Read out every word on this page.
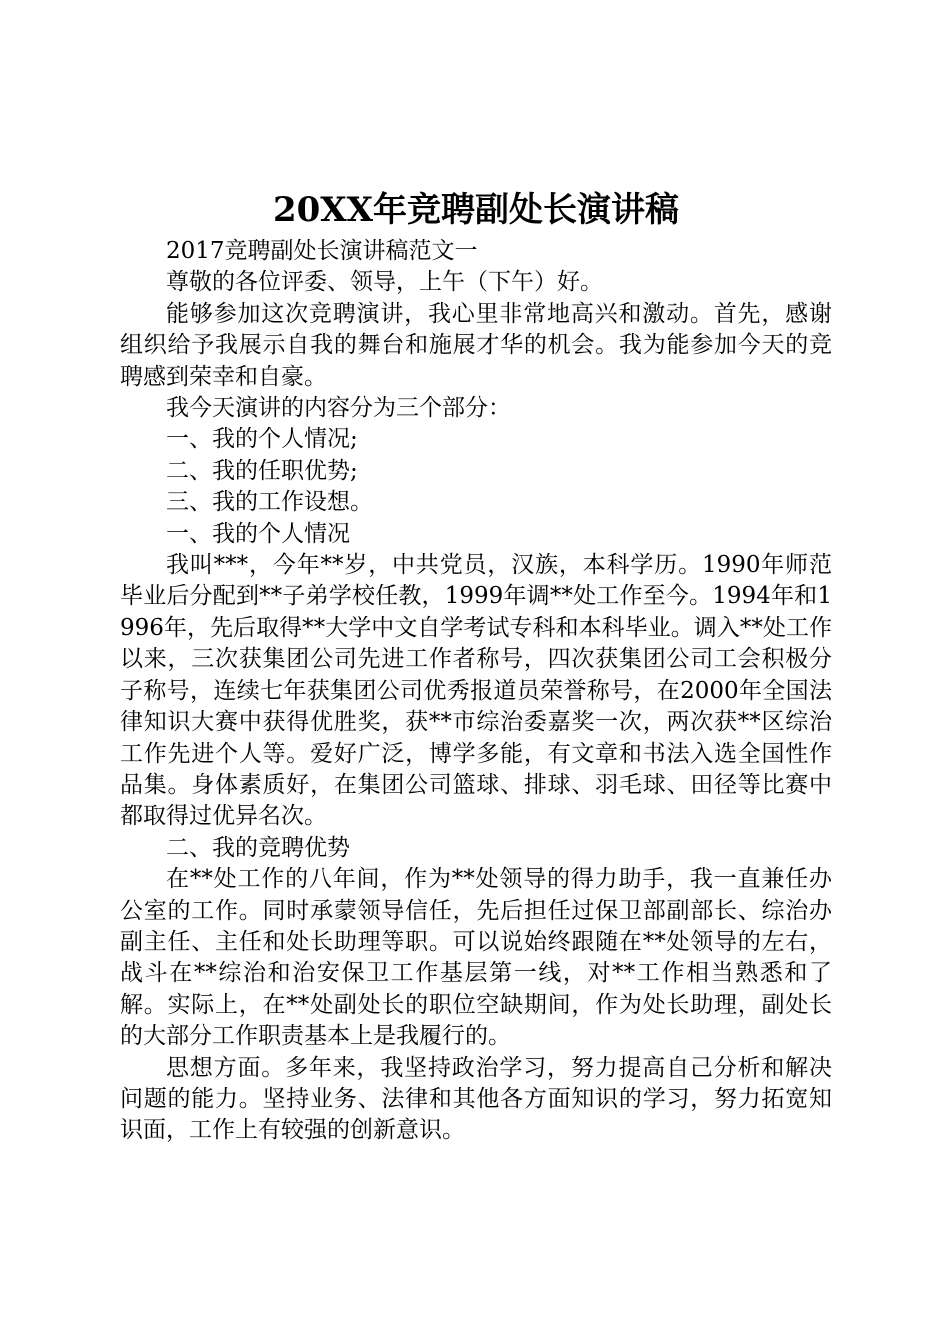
20XX年竞聘副处长演讲稿

2017竞聘副处长演讲稿范文一

尊敬的各位评委、领导，上午（下午）好。

能够参加这次竞聘演讲，我心里非常地高兴和激动。首先，感谢组织给予我展示自我的舞台和施展才华的机会。我为能参加今天的竞聘感到荣幸和自豪。

我今天演讲的内容分为三个部分：

一、我的个人情况;

二、我的任职优势;

三、我的工作设想。

一、我的个人情况

我叫***，今年**岁，中共党员，汉族，本科学历。1990年师范毕业后分配到**子弟学校任教，1999年调**处工作至今。1994年和1996年，先后取得**大学中文自学考试专科和本科毕业。调入**处工作以来，三次获集团公司先进工作者称号，四次获集团公司工会积极分子称号，连续七年获集团公司优秀报道员荣誉称号，在2000年全国法律知识大赛中获得优胜奖，获**市综治委嘉奖一次，两次获**区综治工作先进个人等。爱好广泛，博学多能，有文章和书法入选全国性作品集。身体素质好，在集团公司篮球、排球、羽毛球、田径等比赛中都取得过优异名次。

二、我的竞聘优势

在**处工作的八年间，作为**处领导的得力助手，我一直兼任办公室的工作。同时承蒙领导信任，先后担任过保卫部副部长、综治办副主任、主任和处长助理等职。可以说始终跟随在**处领导的左右，战斗在**综治和治安保卫工作基层第一线，对**工作相当熟悉和了解。实际上，在**处副处长的职位空缺期间，作为处长助理，副处长的大部分工作职责基本上是我履行的。

思想方面。多年来，我坚持政治学习，努力提高自己分析和解决问题的能力。坚持业务、法律和其他各方面知识的学习，努力拓宽知识面，工作上有较强的创新意识。
